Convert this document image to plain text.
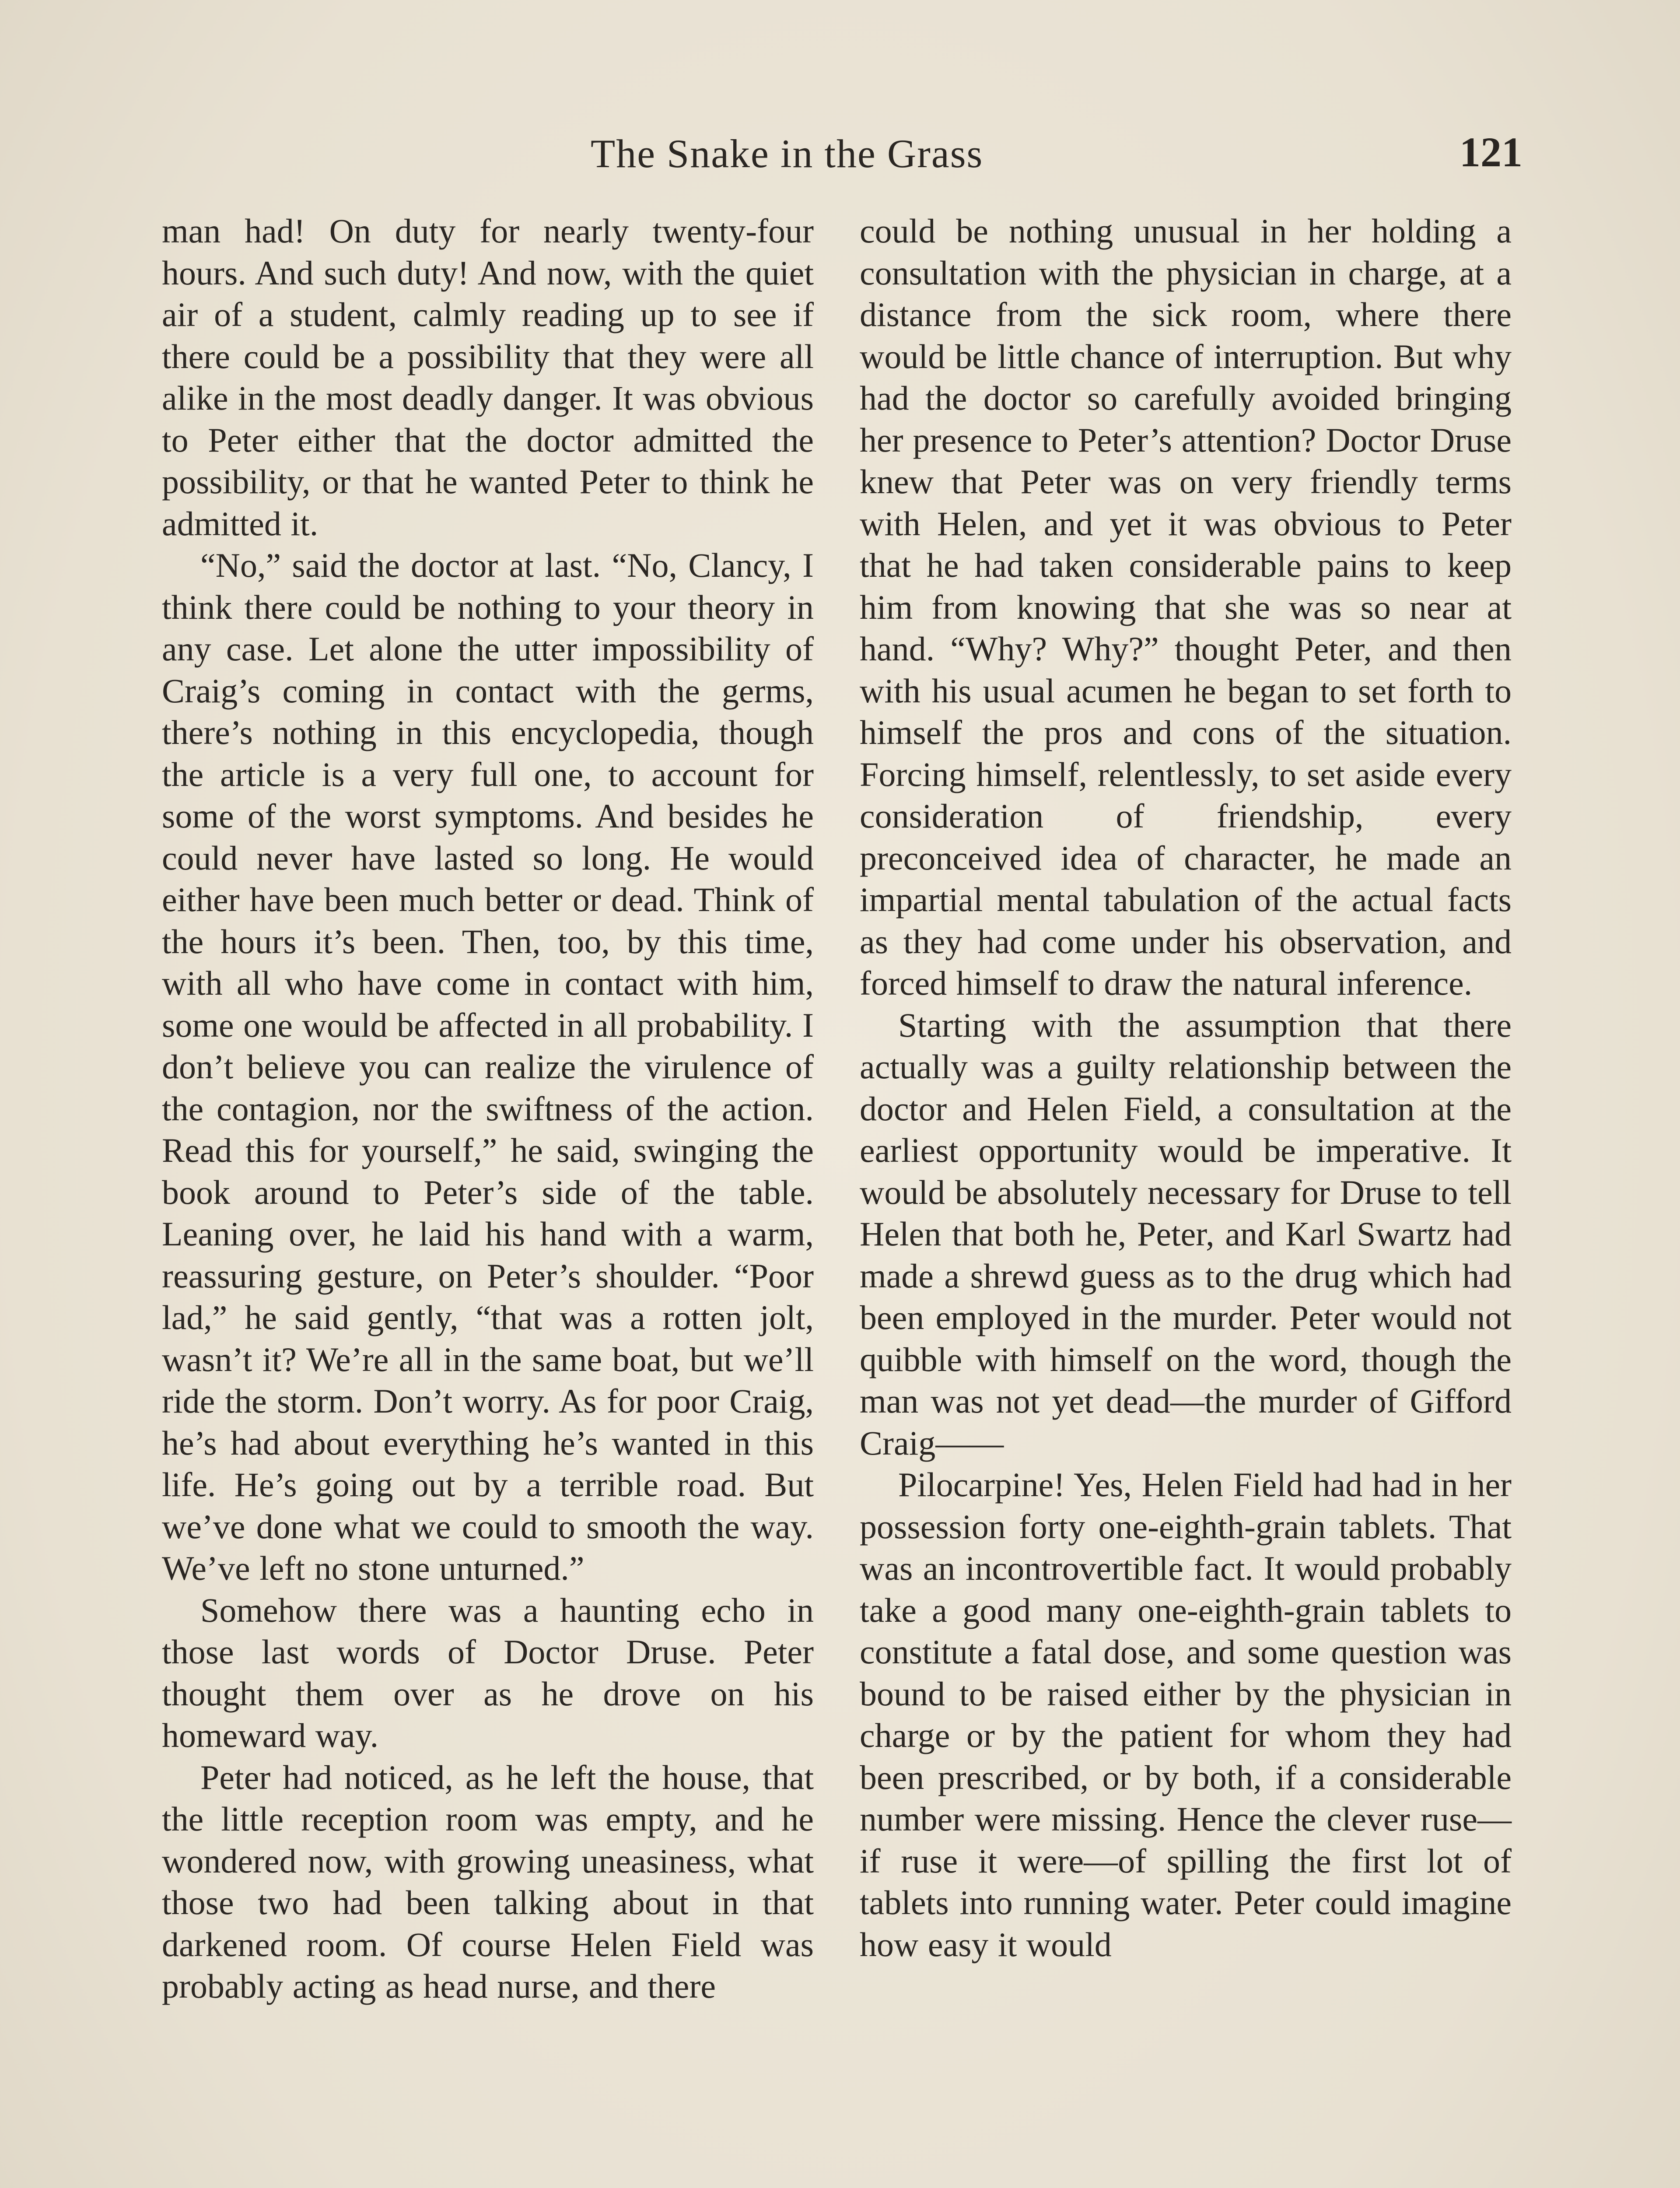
The Snake in the Grass	121

man had! On duty for nearly twenty-four hours. And such duty! And now, with the quiet air of a student, calmly reading up to see if there could be a possibility that they were all alike in the most deadly danger. It was obvious to Peter either that the doctor admitted the possibility, or that he wanted Peter to think he admitted it.

“No,” said the doctor at last. “No, Clancy, I think there could be nothing to your theory in any case. Let alone the utter impossibility of Craig’s coming in contact with the germs, there’s nothing in this encyclopedia, though the article is a very full one, to account for some of the worst symptoms. And besides he could never have lasted so long. He would either have been much better or dead. Think of the hours it’s been. Then, too, by this time, with all who have come in contact with him, some one would be affected in all probability. I don’t believe you can realize the virulence of the contagion, nor the swiftness of the action. Read this for yourself,” he said, swinging the book around to Peter’s side of the table. Leaning over, he laid his hand with a warm, reassuring gesture, on Peter’s shoulder. “Poor lad,” he said gently, “that was a rotten jolt, wasn’t it? We’re all in the same boat, but we’ll ride the storm. Don’t worry. As for poor Craig, he’s had about everything he’s wanted in this life. He’s going out by a terrible road. But we’ve done what we could to smooth the way. We’ve left no stone unturned.”

Somehow there was a haunting echo in those last words of Doctor Druse. Peter thought them over as he drove on his homeward way.

Peter had noticed, as he left the house, that the little reception room was empty, and he wondered now, with growing uneasiness, what those two had been talking about in that darkened room. Of course Helen Field was probably acting as head nurse, and there

could be nothing unusual in her holding a consultation with the physician in charge, at a distance from the sick room, where there would be little chance of interruption. But why had the doctor so carefully avoided bringing her presence to Peter’s attention? Doctor Druse knew that Peter was on very friendly terms with Helen, and yet it was obvious to Peter that he had taken considerable pains to keep him from knowing that she was so near at hand. “Why? Why?” thought Peter, and then with his usual acumen he began to set forth to himself the pros and cons of the situation. Forcing himself, relentlessly, to set aside every consideration of friendship, every preconceived idea of character, he made an impartial mental tabulation of the actual facts as they had come under his observation, and forced himself to draw the natural inference.

Starting with the assumption that there actually was a guilty relationship between the doctor and Helen Field, a consultation at the earliest opportunity would be imperative. It would be absolutely necessary for Druse to tell Helen that both he, Peter, and Karl Swartz had made a shrewd guess as to the drug which had been employed in the murder. Peter would not quibble with himself on the word, though the man was not yet dead—the murder of Gifford Craig——

Pilocarpine! Yes, Helen Field had had in her possession forty one-eighth-grain tablets. That was an incontrovertible fact. It would probably take a good many one-eighth-grain tablets to constitute a fatal dose, and some question was bound to be raised either by the physician in charge or by the patient for whom they had been prescribed, or by both, if a considerable number were missing. Hence the clever ruse—if ruse it were—of spilling the first lot of tablets into running water. Peter could imagine how easy it would
